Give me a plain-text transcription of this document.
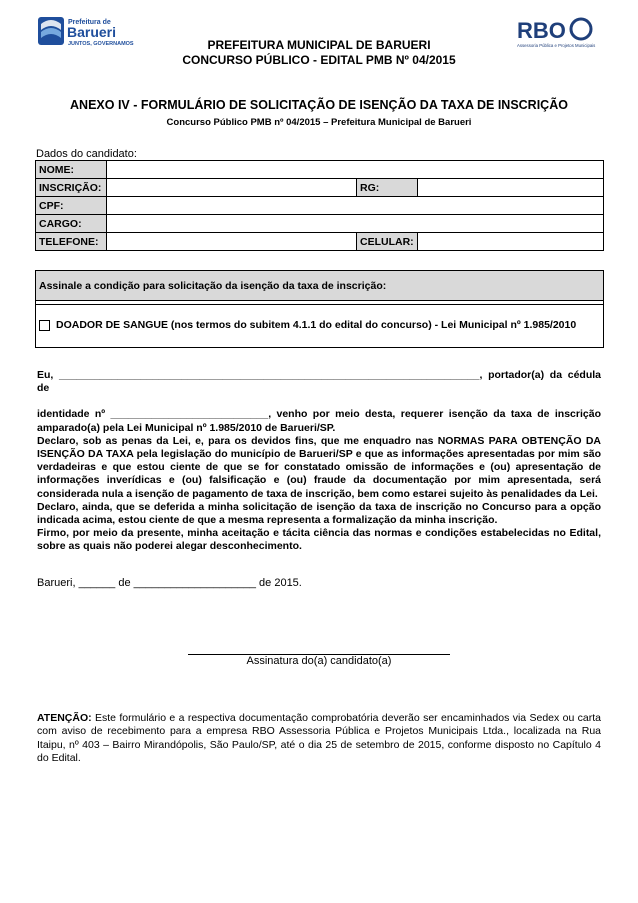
Prefeitura de
Barueri
JUNTOS, GOVERNAMOS
RBO
Assessoria Pública e Projetos Municipais
PREFEITURA MUNICIPAL DE BARUERI
CONCURSO PÚBLICO - EDITAL PMB Nº 04/2015
ANEXO IV - FORMULÁRIO DE SOLICITAÇÃO DE ISENÇÃO DA TAXA DE INSCRIÇÃO
Concurso Público PMB nº 04/2015 – Prefeitura Municipal de Barueri
Dados do candidato:
NOME:			
INSCRIÇÃO:		RG:	
CPF:			
CARGO:			
TELEFONE:		CELULAR:	
Assinale a condição para solicitação da isenção da taxa de inscrição:
DOADOR DE SANGUE (nos termos do subitem 4.1.1 do edital do concurso) - Lei Municipal nº 1.985/2010

Eu, ________________________________________________________________________, portador(a) da cédula de

identidade nº ___________________________, venho por meio desta, requerer isenção da taxa de inscrição amparado(a) pela Lei Municipal nº 1.985/2010 de Barueri/SP.

Declaro, sob as penas da Lei, e, para os devidos fins, que me enquadro nas NORMAS PARA OBTENÇÃO DA ISENÇÃO DA TAXA pela legislação do município de Barueri/SP e que as informações apresentadas por mim são verdadeiras e que estou ciente de que se for constatado omissão de informações e (ou) apresentação de informações inverídicas e (ou) falsificação e (ou) fraude da documentação por mim apresentada, será considerada nula a isenção de pagamento de taxa de inscrição, bem como estarei sujeito às penalidades da Lei.

Declaro, ainda, que se deferida a minha solicitação de isenção da taxa de inscrição no Concurso para a opção indicada acima, estou ciente de que a mesma representa a formalização da minha inscrição.

Firmo, por meio da presente, minha aceitação e tácita ciência das normas e condições estabelecidas no Edital, sobre as quais não poderei alegar desconhecimento.

Barueri, ______ de ____________________ de 2015.
Assinatura do(a) candidato(a)
ATENÇÃO: Este formulário e a respectiva documentação comprobatória deverão ser encaminhados via Sedex ou carta com aviso de recebimento para a empresa RBO Assessoria Pública e Projetos Municipais Ltda., localizada na Rua Itaipu, nº 403 – Bairro Mirandópolis, São Paulo/SP, até o dia 25 de setembro de 2015, conforme disposto no Capítulo 4 do Edital.
